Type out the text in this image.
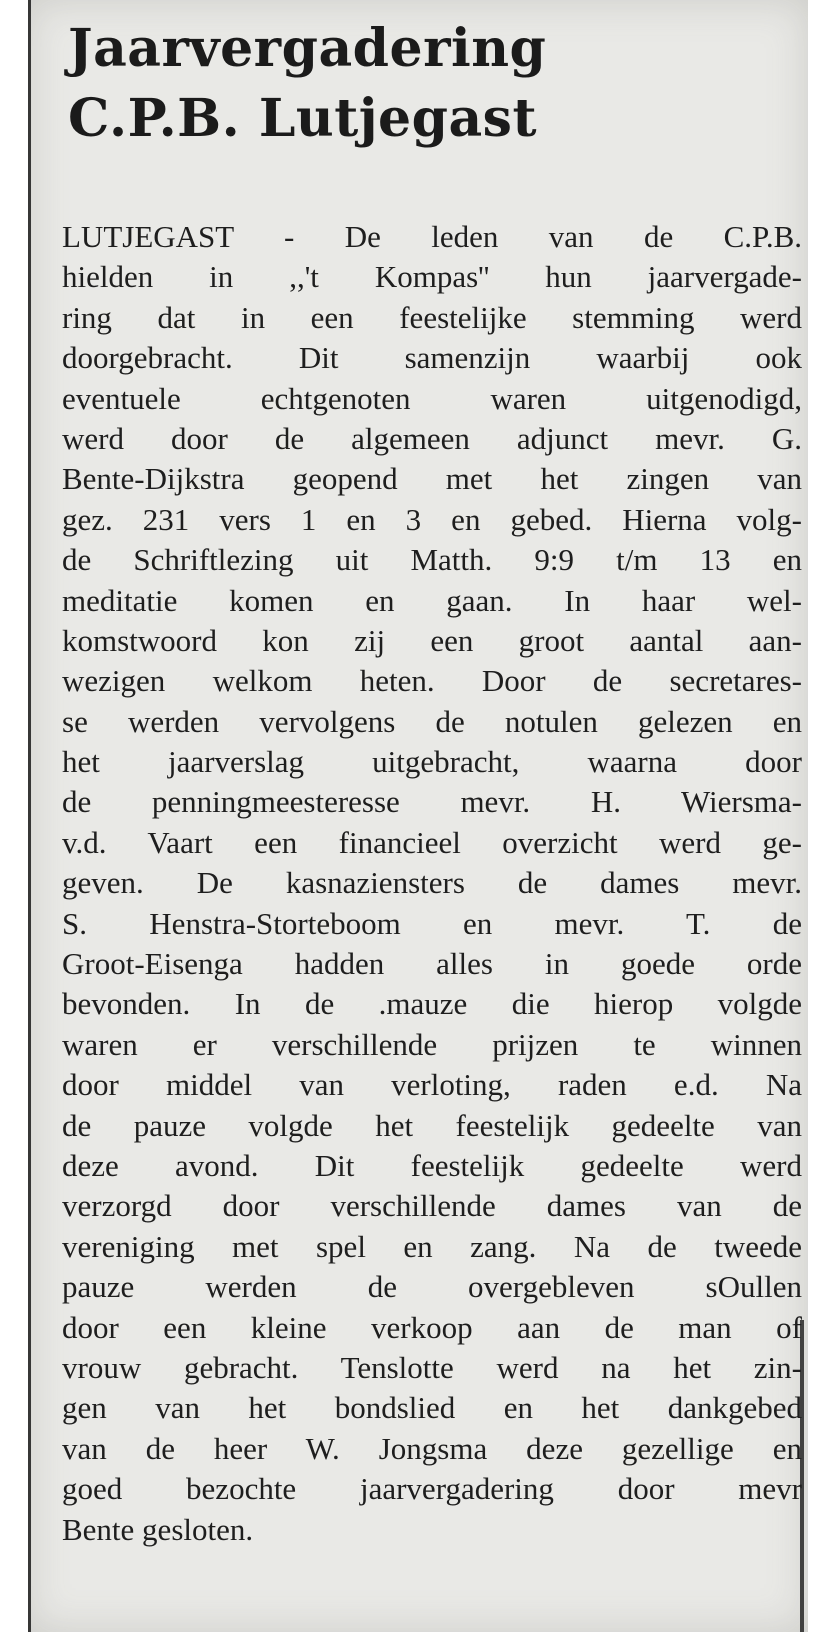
Jaarvergadering
C.P.B. Lutjegast
LUTJEGAST - De leden van de C.P.B.
hielden in ,,'t Kompas'' hun jaarvergade-
ring dat in een feestelijke stemming werd
doorgebracht. Dit samenzijn waarbij ook
eventuele echtgenoten waren uitgenodigd,
werd door de algemeen adjunct mevr. G.
Bente-Dijkstra geopend met het zingen van
gez. 231 vers 1 en 3 en gebed. Hierna volg-
de Schriftlezing uit Matth. 9:9 t/m 13 en
meditatie komen en gaan. In haar wel-
komstwoord kon zij een groot aantal aan-
wezigen welkom heten. Door de secretares-
se werden vervolgens de notulen gelezen en
het jaarverslag uitgebracht, waarna door
de penningmeesteresse mevr. H. Wiersma-
v.d. Vaart een financieel overzicht werd ge-
geven. De kasnaziensters de dames mevr.
S. Henstra-Storteboom en mevr. T. de
Groot-Eisenga hadden alles in goede orde
bevonden. In de .mauze die hierop volgde
waren er verschillende prijzen te winnen
door middel van verloting, raden e.d. Na
de pauze volgde het feestelijk gedeelte van
deze avond. Dit feestelijk gedeelte werd
verzorgd door verschillende dames van de
vereniging met spel en zang. Na de tweede
pauze werden de overgebleven sOullen
door een kleine verkoop aan de man of
vrouw gebracht. Tenslotte werd na het zin-
gen van het bondslied en het dankgebed
van de heer W. Jongsma deze gezellige en
goed bezochte jaarvergadering door mevr
Bente gesloten.
